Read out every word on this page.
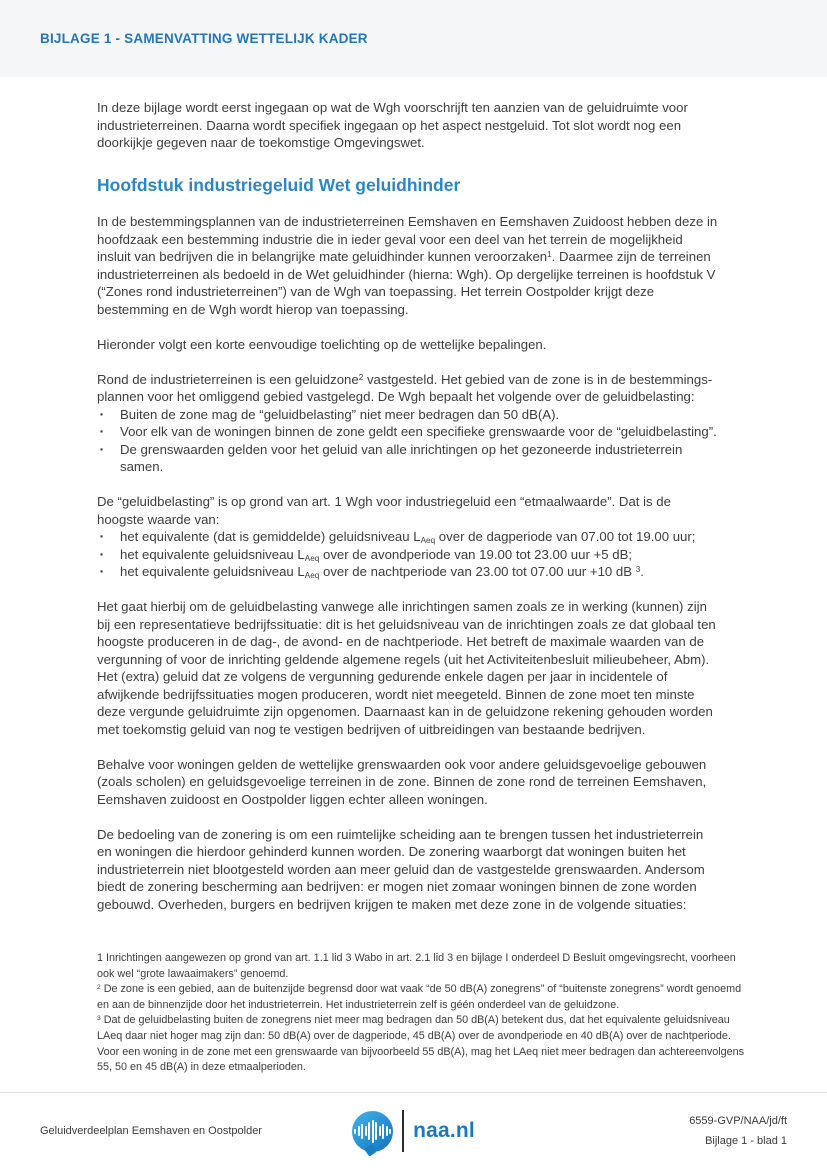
BIJLAGE 1 - SAMENVATTING WETTELIJK KADER

In deze bijlage wordt eerst ingegaan op wat de Wgh voorschrijft ten aanzien van de geluidruimte voor industrieterreinen. Daarna wordt specifiek ingegaan op het aspect nestgeluid. Tot slot wordt nog een doorkijkje gegeven naar de toekomstige Omgevingswet.

Hoofdstuk industriegeluid Wet geluidhinder

In de bestemmingsplannen van de industrieterreinen Eemshaven en Eemshaven Zuidoost hebben deze in hoofdzaak een bestemming industrie die in ieder geval voor een deel van het terrein de mogelijkheid insluit van bedrijven die in belangrijke mate geluidhinder kunnen veroorzaken$^1$. Daarmee zijn de terreinen industrieterreinen als bedoeld in de Wet geluidhinder (hierna: Wgh). Op dergelijke terreinen is hoofdstuk V (“Zones rond industrieterreinen”) van de Wgh van toepassing. Het terrein Oostpolder krijgt deze bestemming en de Wgh wordt hierop van toepassing.

Hieronder volgt een korte eenvoudige toelichting op de wettelijke bepalingen.

Rond de industrieterreinen is een geluidzone$^2$ vastgesteld. Het gebied van de zone is in de bestemmings-plannen voor het omliggend gebied vastgelegd. De Wgh bepaalt het volgende over de geluidbelasting:

▪ Buiten de zone mag de “geluidbelasting” niet meer bedragen dan 50 dB(A).
▪ Voor elk van de woningen binnen de zone geldt een specifieke grenswaarde voor de “geluidbelasting”.
▪ De grenswaarden gelden voor het geluid van alle inrichtingen op het gezoneerde industrieterrein samen.

De “geluidbelasting” is op grond van art. 1 Wgh voor industriegeluid een “etmaalwaarde”. Dat is de hoogste waarde van:

▪ het equivalente (dat is gemiddelde) geluidsniveau $L_{Aeq}$ over de dagperiode van 07.00 tot 19.00 uur;
▪ het equivalente geluidsniveau $L_{Aeq}$ over de avondperiode van 19.00 tot 23.00 uur +5 dB;
▪ het equivalente geluidsniveau $L_{Aeq}$ over de nachtperiode van 23.00 tot 07.00 uur +10 dB $^3$.

Het gaat hierbij om de geluidbelasting vanwege alle inrichtingen samen zoals ze in werking (kunnen) zijn bij een representatieve bedrijfssituatie: dit is het geluidsniveau van de inrichtingen zoals ze dat globaal ten hoogste produceren in de dag-, de avond- en de nachtperiode. Het betreft de maximale waarden van de vergunning of voor de inrichting geldende algemene regels (uit het Activiteitenbesluit milieubeheer, Abm). Het (extra) geluid dat ze volgens de vergunning gedurende enkele dagen per jaar in incidentele of afwijkende bedrijfssituaties mogen produceren, wordt niet meegeteld. Binnen de zone moet ten minste deze vergunde geluidruimte zijn opgenomen. Daarnaast kan in de geluidzone rekening gehouden worden met toekomstig geluid van nog te vestigen bedrijven of uitbreidingen van bestaande bedrijven.

Behalve voor woningen gelden de wettelijke grenswaarden ook voor andere geluidsgevoelige gebouwen (zoals scholen) en geluidsgevoelige terreinen in de zone. Binnen de zone rond de terreinen Eemshaven, Eemshaven zuidoost en Oostpolder liggen echter alleen woningen.

De bedoeling van de zonering is om een ruimtelijke scheiding aan te brengen tussen het industrieterrein en woningen die hierdoor gehinderd kunnen worden. De zonering waarborgt dat woningen buiten het industrieterrein niet blootgesteld worden aan meer geluid dan de vastgestelde grenswaarden. Andersom biedt de zonering bescherming aan bedrijven: er mogen niet zomaar woningen binnen de zone worden gebouwd. Overheden, burgers en bedrijven krijgen te maken met deze zone in de volgende situaties:

1 Inrichtingen aangewezen op grond van art. 1.1 lid 3 Wabo in art. 2.1 lid 3 en bijlage I onderdeel D Besluit omgevingsrecht, voorheen ook wel “grote lawaaimakers” genoemd.

$^2$ De zone is een gebied, aan de buitenzijde begrensd door wat vaak “de 50 dB(A) zonegrens” of “buitenste zonegrens” wordt genoemd en aan de binnenzijde door het industrieterrein. Het industrieterrein zelf is géén onderdeel van de geluidzone.

$^3$ Dat de geluidbelasting buiten de zonegrens niet meer mag bedragen dan 50 dB(A) betekent dus, dat het equivalente geluidsniveau LAeq daar niet hoger mag zijn dan: 50 dB(A) over de dagperiode, 45 dB(A) over de avondperiode en 40 dB(A) over de nachtperiode. Voor een woning in de zone met een grenswaarde van bijvoorbeeld 55 dB(A), mag het LAeq niet meer bedragen dan achtereenvolgens 55, 50 en 45 dB(A) in deze etmaalperioden.

Geluidverdeelplan Eemshaven en Oostpolder	naa.nl	6559-GVP/NAA/jd/ft
Bijlage 1 - blad 1
